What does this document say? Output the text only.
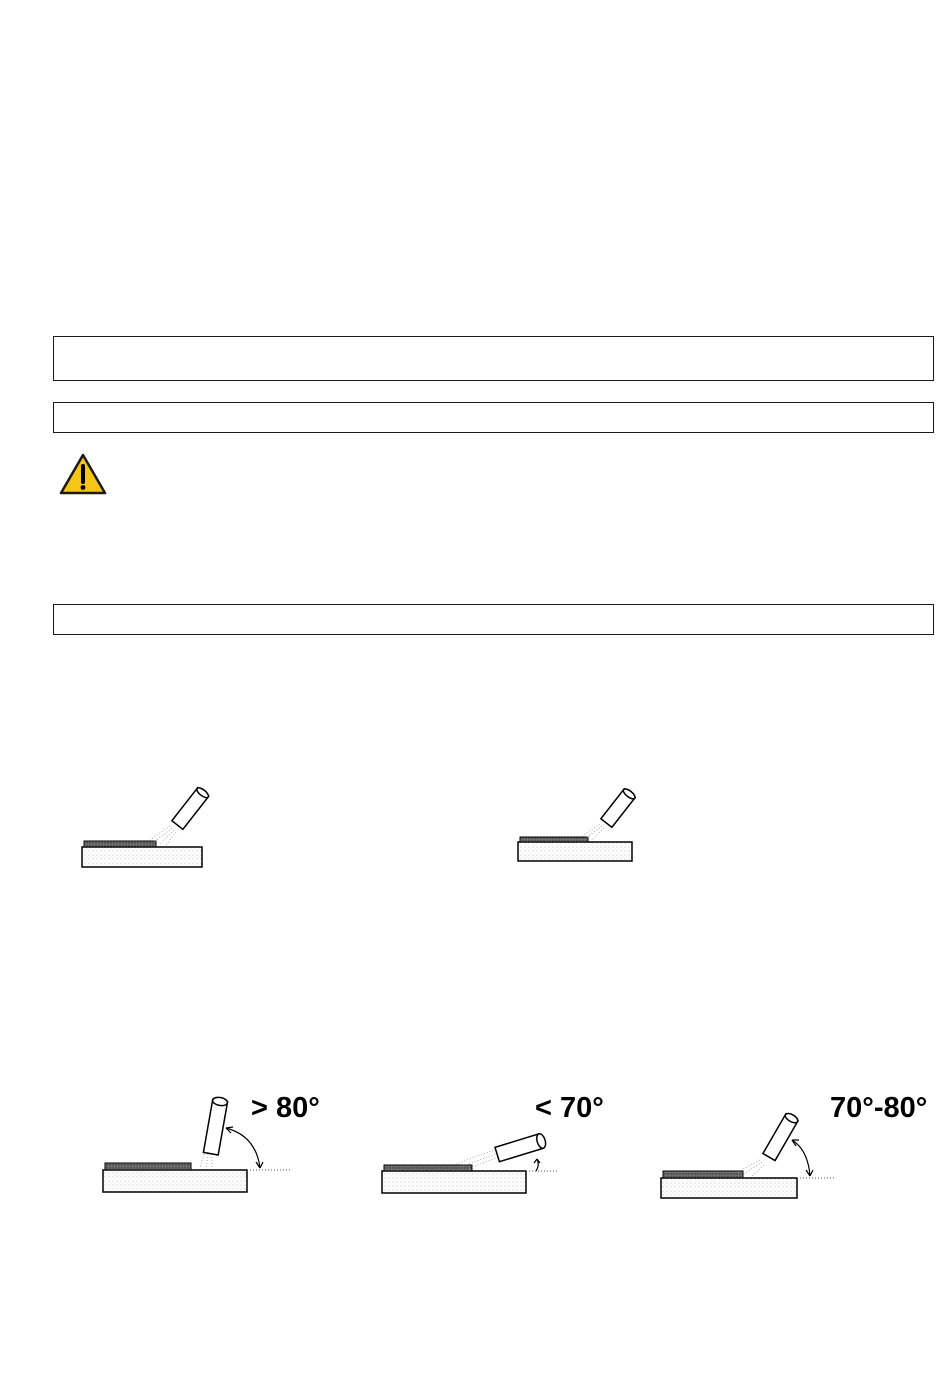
> 80°	< 70°	70°-80°
